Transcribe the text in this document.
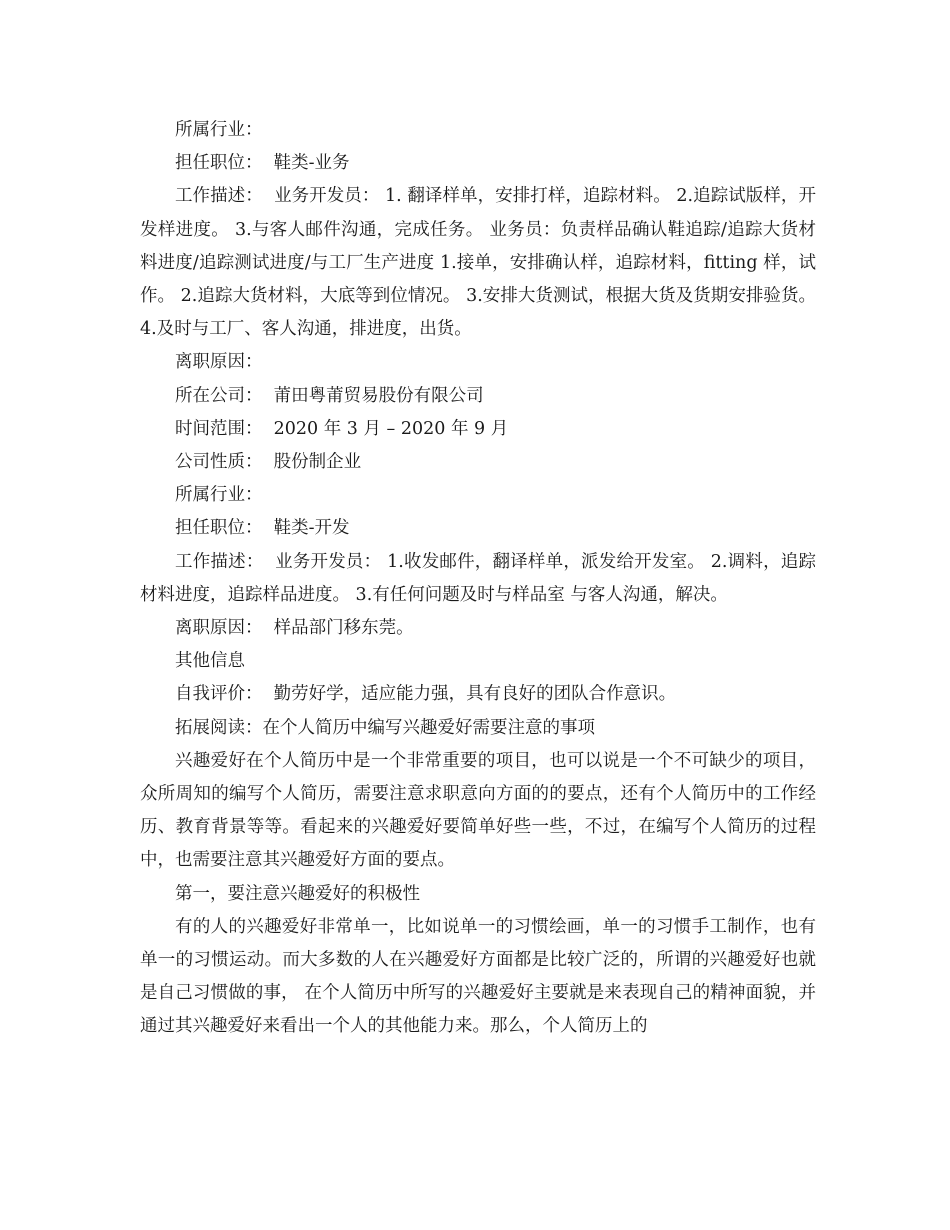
所属行业：

担任职位： 鞋类-业务

工作描述： 业务开发员： 1. 翻译样单，安排打样，追踪材料。 2.追踪试版样，开发样进度。 3.与客人邮件沟通，完成任务。 业务员：负责样品确认鞋追踪/追踪大货材料进度/追踪测试进度/与工厂生产进度 1.接单，安排确认样，追踪材料，fitting 样，试作。 2.追踪大货材料，大底等到位情况。 3.安排大货测试，根据大货及货期安排验货。 4.及时与工厂、客人沟通，排进度，出货。

离职原因：

所在公司： 莆田粤莆贸易股份有限公司

时间范围： 2020 年 3 月 – 2020 年 9 月

公司性质： 股份制企业

所属行业：

担任职位： 鞋类-开发

工作描述： 业务开发员： 1.收发邮件，翻译样单，派发给开发室。 2.调料，追踪材料进度，追踪样品进度。 3.有任何问题及时与样品室 与客人沟通，解决。

离职原因： 样品部门移东莞。

其他信息

自我评价： 勤劳好学，适应能力强，具有良好的团队合作意识。

拓展阅读：在个人简历中编写兴趣爱好需要注意的事项

兴趣爱好在个人简历中是一个非常重要的项目，也可以说是一个不可缺少的项目，众所周知的编写个人简历，需要注意求职意向方面的的要点，还有个人简历中的工作经历、教育背景等等。看起来的兴趣爱好要简单好些一些，不过，在编写个人简历的过程中，也需要注意其兴趣爱好方面的要点。

第一，要注意兴趣爱好的积极性

有的人的兴趣爱好非常单一，比如说单一的习惯绘画，单一的习惯手工制作，也有单一的习惯运动。而大多数的人在兴趣爱好方面都是比较广泛的，所谓的兴趣爱好也就是自己习惯做的事， 在个人简历中所写的兴趣爱好主要就是来表现自己的精神面貌，并通过其兴趣爱好来看出一个人的其他能力来。那么，个人简历上的
